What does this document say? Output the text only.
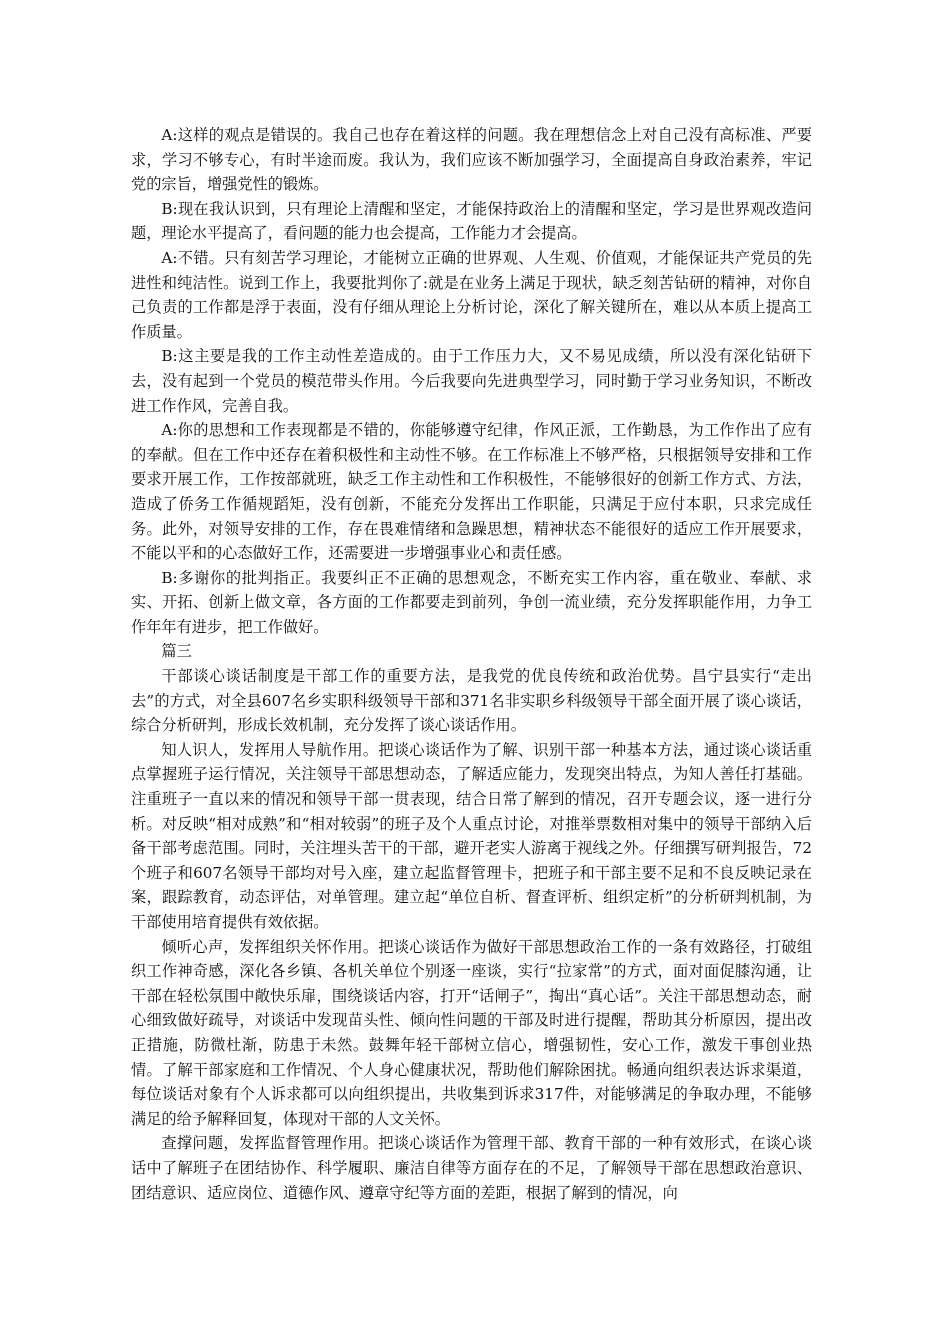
A:这样的观点是错误的。我自己也存在着这样的问题。我在理想信念上对自己没有高标准、严要求，学习不够专心，有时半途而废。我认为，我们应该不断加强学习，全面提高自身政治素养，牢记党的宗旨，增强党性的锻炼。

B:现在我认识到，只有理论上清醒和坚定，才能保持政治上的清醒和坚定，学习是世界观改造问题，理论水平提高了，看问题的能力也会提高，工作能力才会提高。

A:不错。只有刻苦学习理论，才能树立正确的世界观、人生观、价值观，才能保证共产党员的先进性和纯洁性。说到工作上，我要批判你了:就是在业务上满足于现状，缺乏刻苦钻研的精神，对你自己负责的工作都是浮于表面，没有仔细从理论上分析讨论，深化了解关键所在，难以从本质上提高工作质量。

B:这主要是我的工作主动性差造成的。由于工作压力大，又不易见成绩，所以没有深化钻研下去，没有起到一个党员的模范带头作用。今后我要向先进典型学习，同时勤于学习业务知识，不断改进工作作风，完善自我。

A:你的思想和工作表现都是不错的，你能够遵守纪律，作风正派，工作勤恳，为工作作出了应有的奉献。但在工作中还存在着积极性和主动性不够。在工作标准上不够严格，只根据领导安排和工作要求开展工作，工作按部就班，缺乏工作主动性和工作积极性，不能够很好的创新工作方式、方法，造成了侨务工作循规蹈矩，没有创新，不能充分发挥出工作职能，只满足于应付本职，只求完成任务。此外，对领导安排的工作，存在畏难情绪和急躁思想，精神状态不能很好的适应工作开展要求，不能以平和的心态做好工作，还需要进一步增强事业心和责任感。

B:多谢你的批判指正。我要纠正不正确的思想观念，不断充实工作内容，重在敬业、奉献、求实、开拓、创新上做文章，各方面的工作都要走到前列，争创一流业绩，充分发挥职能作用，力争工作年年有进步，把工作做好。

篇三

干部谈心谈话制度是干部工作的重要方法，是我党的优良传统和政治优势。昌宁县实行“走出去”的方式，对全县607名乡实职科级领导干部和371名非实职乡科级领导干部全面开展了谈心谈话，综合分析研判，形成长效机制，充分发挥了谈心谈话作用。

知人识人，发挥用人导航作用。把谈心谈话作为了解、识别干部一种基本方法，通过谈心谈话重点掌握班子运行情况，关注领导干部思想动态，了解适应能力，发现突出特点，为知人善任打基础。注重班子一直以来的情况和领导干部一贯表现，结合日常了解到的情况，召开专题会议，逐一进行分析。对反映“相对成熟”和“相对较弱”的班子及个人重点讨论，对推举票数相对集中的领导干部纳入后备干部考虑范围。同时，关注埋头苦干的干部，避开老实人游离于视线之外。仔细撰写研判报告，72个班子和607名领导干部均对号入座，建立起监督管理卡，把班子和干部主要不足和不良反映记录在案，跟踪教育，动态评估，对单管理。建立起“单位自析、督查评析、组织定析”的分析研判机制，为干部使用培育提供有效依据。

倾听心声，发挥组织关怀作用。把谈心谈话作为做好干部思想政治工作的一条有效路径，打破组织工作神奇感，深化各乡镇、各机关单位个别逐一座谈，实行“拉家常”的方式，面对面促膝沟通，让干部在轻松氛围中敞快乐扉，围绕谈话内容，打开“话闸子”，掏出“真心话”。关注干部思想动态，耐心细致做好疏导，对谈话中发现苗头性、倾向性问题的干部及时进行提醒，帮助其分析原因，提出改正措施，防微杜渐，防患于未然。鼓舞年轻干部树立信心，增强韧性，安心工作，激发干事创业热情。了解干部家庭和工作情况、个人身心健康状况，帮助他们解除困扰。畅通向组织表达诉求渠道，每位谈话对象有个人诉求都可以向组织提出，共收集到诉求317件，对能够满足的争取办理，不能够满足的给予解释回复，体现对干部的人文关怀。

查撑问题，发挥监督管理作用。把谈心谈话作为管理干部、教育干部的一种有效形式，在谈心谈话中了解班子在团结协作、科学履职、廉洁自律等方面存在的不足，了解领导干部在思想政治意识、团结意识、适应岗位、道德作风、遵章守纪等方面的差距，根据了解到的情况，向
